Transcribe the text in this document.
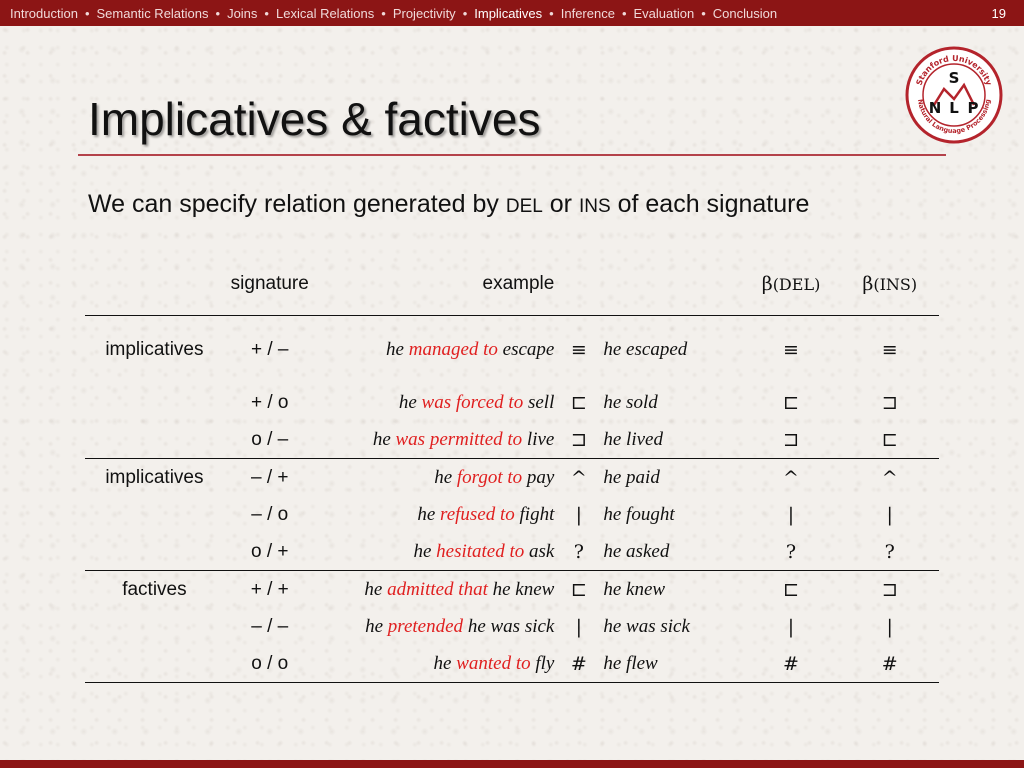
Introduction • Semantic Relations • Joins • Lexical Relations • Projectivity • Implicatives • Inference • Evaluation • Conclusion	19
Stanford University
Natural Language Processing
S
N L P
Implicatives & factives
We can specify relation generated by DEL or INS of each signature
	signature	example			β(DEL)	β(INS)
implicatives	+ / –	he managed to escape	≡	he escaped	≡	≡
	+ / o	he was forced to sell	⊏	he sold	⊏	⊐
	o / –	he was permitted to live	⊐	he lived	⊐	⊏
implicatives	– / +	he forgot to pay	^	he paid	^	^
	– / o	he refused to fight	|	he fought	|	|
	o / +	he hesitated to ask	?	he asked	?	?
factives	+ / +	he admitted that he knew	⊏	he knew	⊏	⊐
	– / –	he pretended he was sick	|	he was sick	|	|
	o / o	he wanted to fly	#	he flew	#	#
